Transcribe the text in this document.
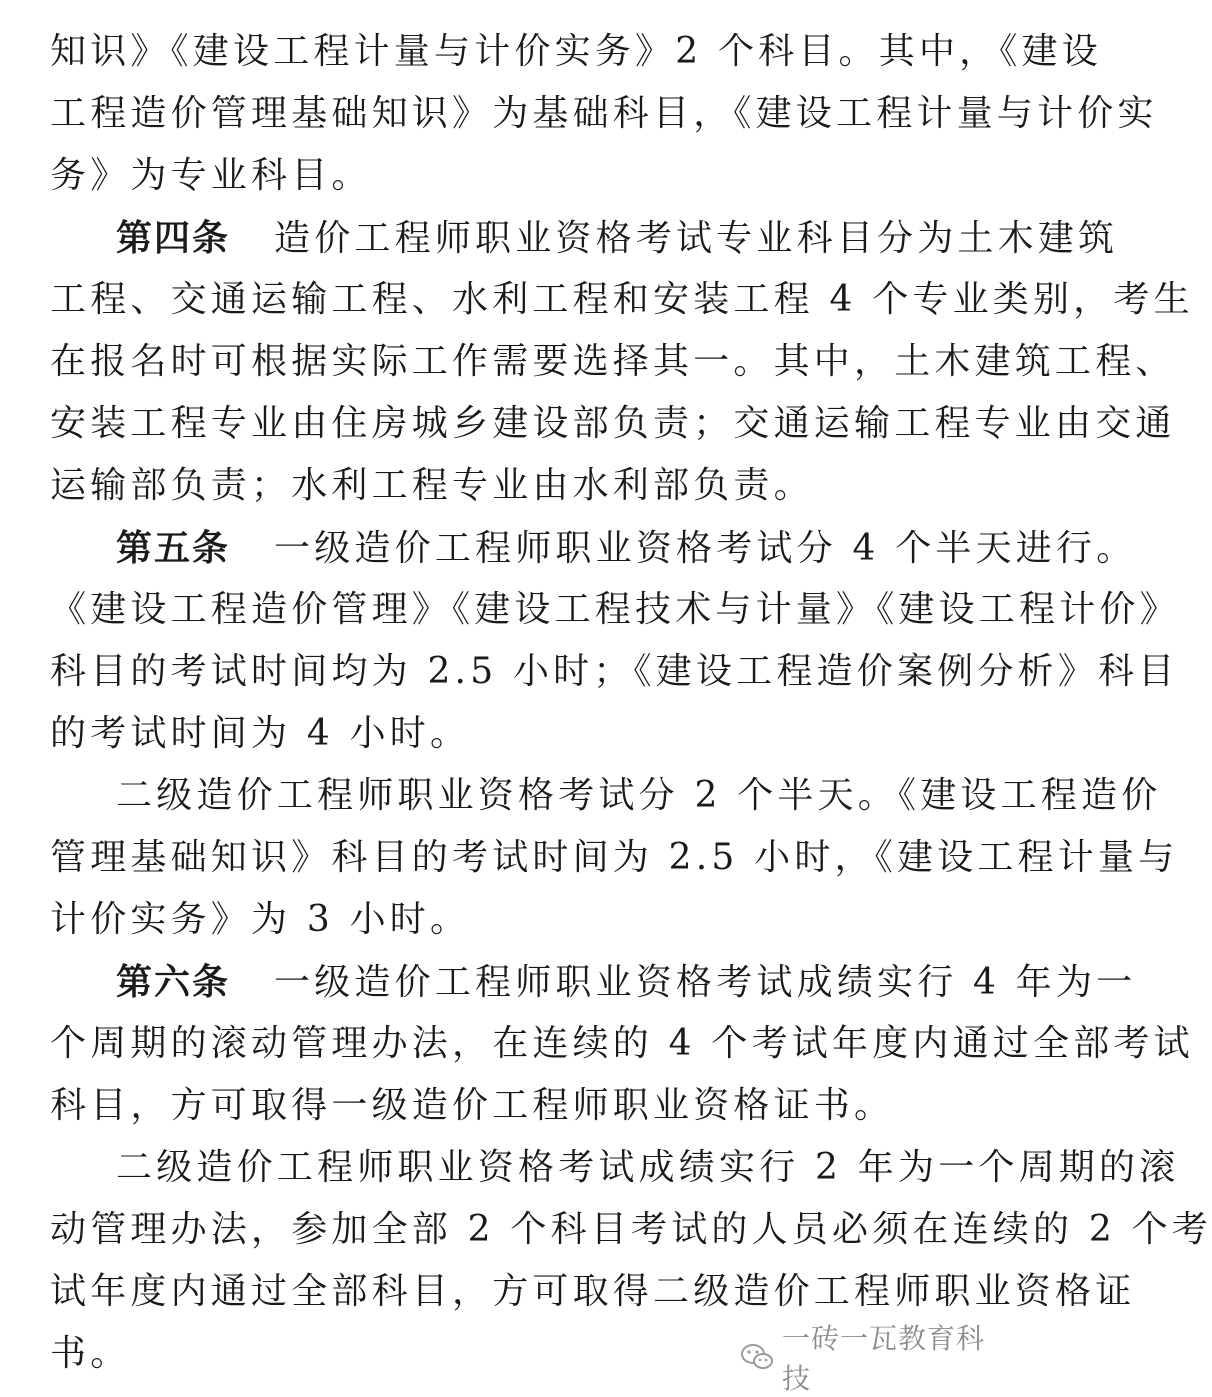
知识》《建设工程计量与计价实务》2 个科目。其中，《建设
工程造价管理基础知识》为基础科目，《建设工程计量与计价实
务》为专业科目。
第四条 造价工程师职业资格考试专业科目分为土木建筑
工程、交通运输工程、水利工程和安装工程 4 个专业类别，考生
在报名时可根据实际工作需要选择其一。其中，土木建筑工程、
安装工程专业由住房城乡建设部负责；交通运输工程专业由交通
运输部负责；水利工程专业由水利部负责。
第五条 一级造价工程师职业资格考试分 4 个半天进行。
《建设工程造价管理》《建设工程技术与计量》《建设工程计价》
科目的考试时间均为 2.5 小时；《建设工程造价案例分析》科目
的考试时间为 4 小时。
二级造价工程师职业资格考试分 2 个半天。《建设工程造价
管理基础知识》科目的考试时间为 2.5 小时，《建设工程计量与
计价实务》为 3 小时。
第六条 一级造价工程师职业资格考试成绩实行 4 年为一
个周期的滚动管理办法，在连续的 4 个考试年度内通过全部考试
科目，方可取得一级造价工程师职业资格证书。
二级造价工程师职业资格考试成绩实行 2 年为一个周期的滚
动管理办法，参加全部 2 个科目考试的人员必须在连续的 2 个考
试年度内通过全部科目，方可取得二级造价工程师职业资格证
书。	一砖一瓦教育科技
